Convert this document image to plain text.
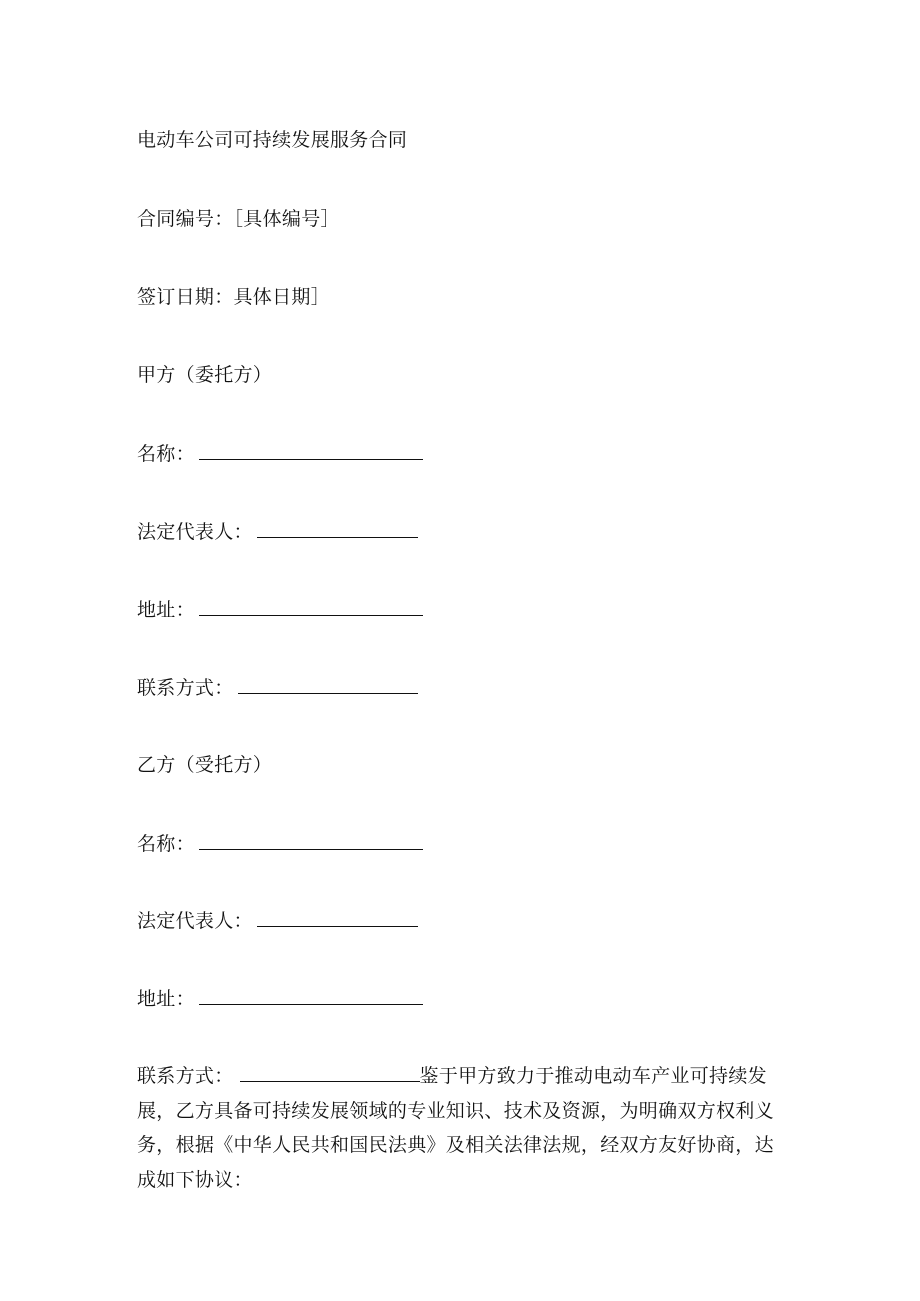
电动车公司可持续发展服务合同
合同编号：［具体编号］
签订日期：具体日期］
甲方（委托方）
名称：
法定代表人：
地址：
联系方式：
乙方（受托方）
名称：
法定代表人：
地址：
联系方式：	鉴于甲方致力于推动电动车产业可持续发展，乙方具备可持续发展领域的专业知识、技术及资源，为明确双方权利义务，根据《中华人民共和国民法典》及相关法律法规，经双方友好协商，达成如下协议：
